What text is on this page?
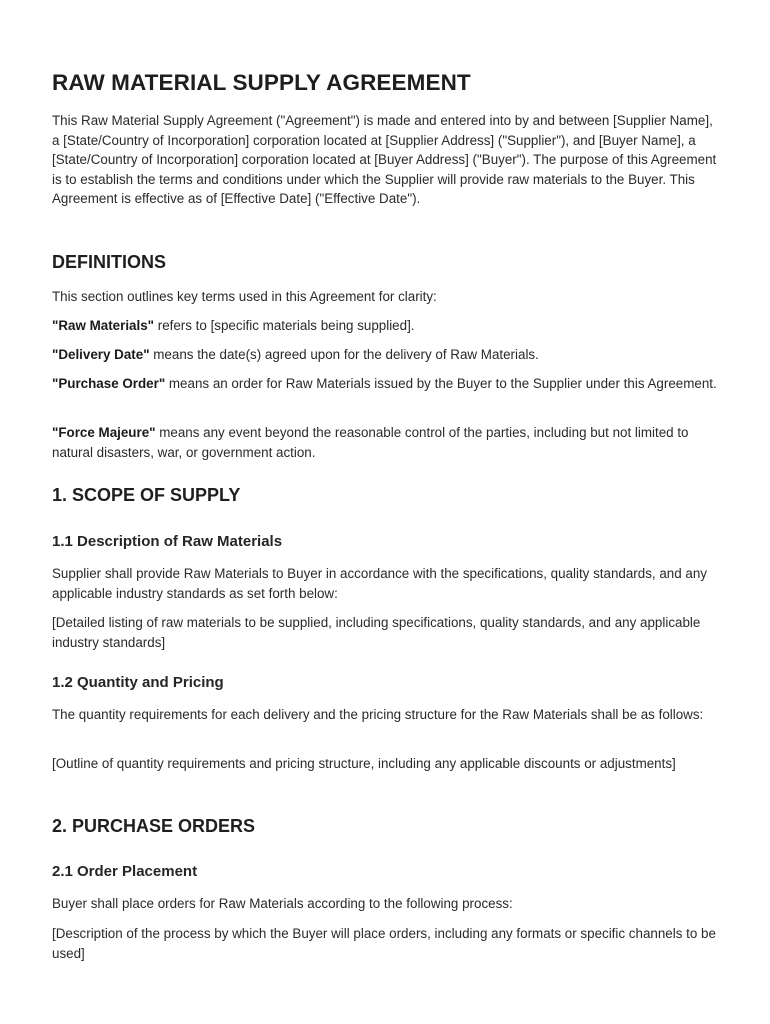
RAW MATERIAL SUPPLY AGREEMENT

This Raw Material Supply Agreement ("Agreement") is made and entered into by and between [Supplier Name], a [State/Country of Incorporation] corporation located at [Supplier Address] ("Supplier"), and [Buyer Name], a [State/Country of Incorporation] corporation located at [Buyer Address] ("Buyer"). The purpose of this Agreement is to establish the terms and conditions under which the Supplier will provide raw materials to the Buyer. This Agreement is effective as of [Effective Date] ("Effective Date").

DEFINITIONS

This section outlines key terms used in this Agreement for clarity:

"Raw Materials" refers to [specific materials being supplied].

"Delivery Date" means the date(s) agreed upon for the delivery of Raw Materials.

"Purchase Order" means an order for Raw Materials issued by the Buyer to the Supplier under this Agreement.

"Force Majeure" means any event beyond the reasonable control of the parties, including but not limited to natural disasters, war, or government action.

1. SCOPE OF SUPPLY
1.1 Description of Raw Materials

Supplier shall provide Raw Materials to Buyer in accordance with the specifications, quality standards, and any applicable industry standards as set forth below:

[Detailed listing of raw materials to be supplied, including specifications, quality standards, and any applicable industry standards]

1.2 Quantity and Pricing

The quantity requirements for each delivery and the pricing structure for the Raw Materials shall be as follows:

[Outline of quantity requirements and pricing structure, including any applicable discounts or adjustments]

2. PURCHASE ORDERS
2.1 Order Placement

Buyer shall place orders for Raw Materials according to the following process:

[Description of the process by which the Buyer will place orders, including any formats or specific channels to be used]
